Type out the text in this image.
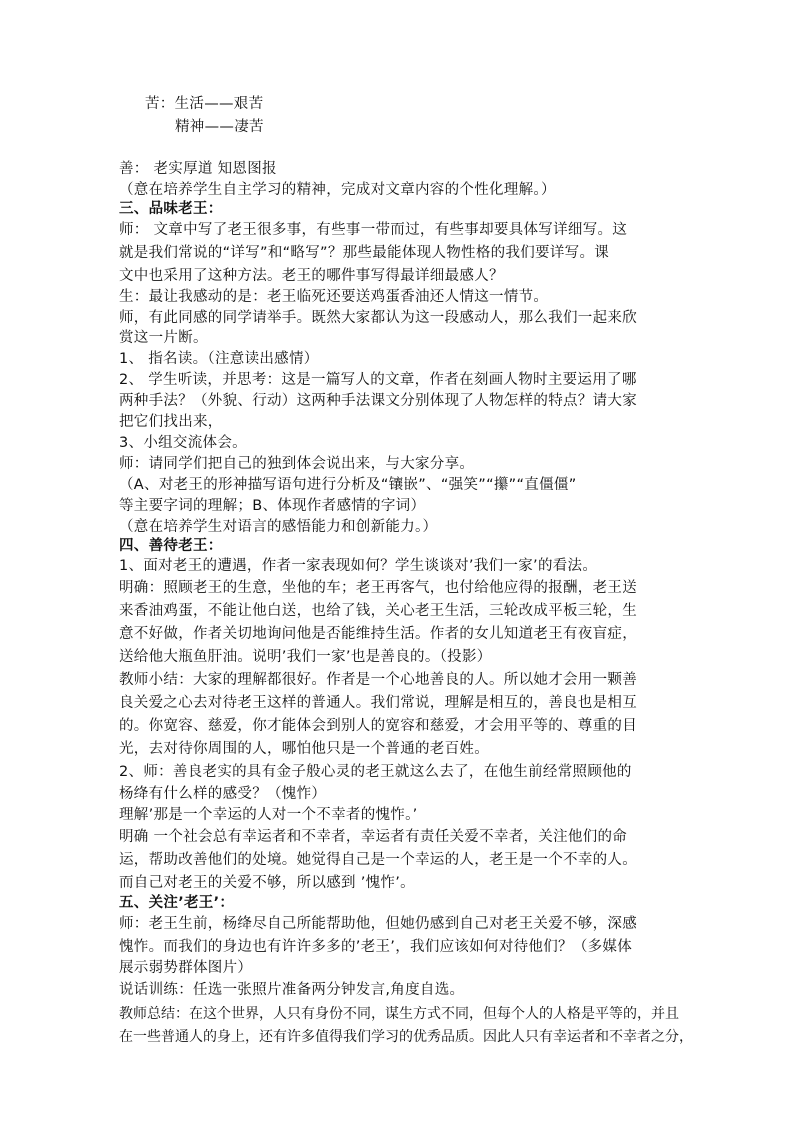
苦：生活——艰苦
精神——凄苦
善： 老实厚道 知恩图报
（意在培养学生自主学习的精神，完成对文章内容的个性化理解。）
三、品味老王：
师： 文章中写了老王很多事，有些事一带而过，有些事却要具体写详细写。这
就是我们常说的“详写”和“略写”？那些最能体现人物性格的我们要详写。课
文中也采用了这种方法。老王的哪件事写得最详细最感人？
生：最让我感动的是：老王临死还要送鸡蛋香油还人情这一情节。
师，有此同感的同学请举手。既然大家都认为这一段感动人，那么我们一起来欣
赏这一片断。
1、 指名读。（注意读出感情）
2、 学生听读，并思考：这是一篇写人的文章，作者在刻画人物时主要运用了哪
两种手法？（外貌、行动）这两种手法课文分别体现了人物怎样的特点？请大家
把它们找出来，
3、小组交流体会。
师：请同学们把自己的独到体会说出来，与大家分享。
（A、对老王的形神描写语句进行分析及“镶嵌”、“强笑”“攥”“直僵僵”
等主要字词的理解；B、体现作者感情的字词）
（意在培养学生对语言的感悟能力和创新能力。）
四、善待老王：
1、面对老王的遭遇，作者一家表现如何？学生谈谈对’我们一家’的看法。
明确：照顾老王的生意，坐他的车；老王再客气，也付给他应得的报酬，老王送
来香油鸡蛋，不能让他白送，也给了钱，关心老王生活，三轮改成平板三轮，生
意不好做，作者关切地询问他是否能维持生活。作者的女儿知道老王有夜盲症，
送给他大瓶鱼肝油。说明’我们一家’也是善良的。（投影）
教师小结：大家的理解都很好。作者是一个心地善良的人。所以她才会用一颗善
良关爱之心去对待老王这样的普通人。我们常说，理解是相互的，善良也是相互
的。你宽容、慈爱，你才能体会到别人的宽容和慈爱，才会用平等的、尊重的目
光，去对待你周围的人，哪怕他只是一个普通的老百姓。
2、师：善良老实的具有金子般心灵的老王就这么去了，在他生前经常照顾他的
杨绛有什么样的感受？（愧怍）
理解’那是一个幸运的人对一个不幸者的愧怍。’
明确 一个社会总有幸运者和不幸者，幸运者有责任关爱不幸者，关注他们的命
运，帮助改善他们的处境。她觉得自己是一个幸运的人，老王是一个不幸的人。
而自己对老王的关爱不够，所以感到 ’愧怍’。
五、关注’老王’：
师：老王生前，杨绛尽自己所能帮助他，但她仍感到自己对老王关爱不够，深感
愧怍。而我们的身边也有许许多多的’老王’，我们应该如何对待他们？（多媒体
展示弱势群体图片）
说话训练：任选一张照片准备两分钟发言,角度自选。
教师总结：在这个世界，人只有身份不同，谋生方式不同，但每个人的人格是平等的，并且
在一些普通人的身上，还有许多值得我们学习的优秀品质。因此人只有幸运者和不幸者之分，
